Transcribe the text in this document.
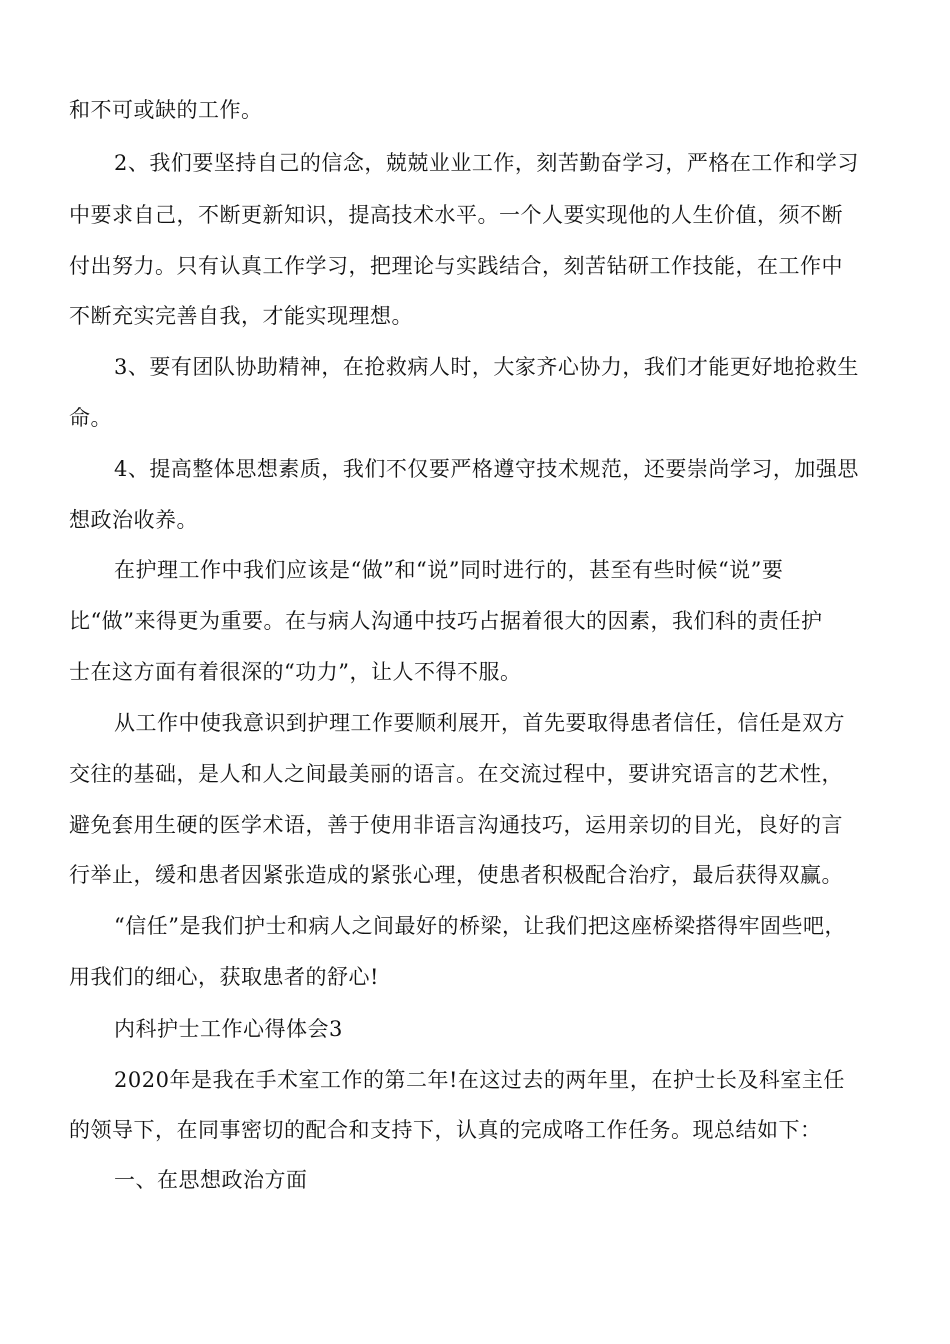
和不可或缺的工作。
2、我们要坚持自己的信念，兢兢业业工作，刻苦勤奋学习，严格在工作和学习
中要求自己，不断更新知识，提高技术水平。一个人要实现他的人生价值，须不断
付出努力。只有认真工作学习，把理论与实践结合，刻苦钻研工作技能，在工作中
不断充实完善自我，才能实现理想。
3、要有团队协助精神，在抢救病人时，大家齐心协力，我们才能更好地抢救生
命。
4、提高整体思想素质，我们不仅要严格遵守技术规范，还要崇尚学习，加强思
想政治收养。
在护理工作中我们应该是“做”和“说”同时进行的，甚至有些时候“说”要
比“做”来得更为重要。在与病人沟通中技巧占据着很大的因素，我们科的责任护
士在这方面有着很深的“功力”，让人不得不服。
从工作中使我意识到护理工作要顺利展开，首先要取得患者信任，信任是双方
交往的基础，是人和人之间最美丽的语言。在交流过程中，要讲究语言的艺术性，
避免套用生硬的医学术语，善于使用非语言沟通技巧，运用亲切的目光，良好的言
行举止，缓和患者因紧张造成的紧张心理，使患者积极配合治疗，最后获得双赢。
“信任”是我们护士和病人之间最好的桥梁，让我们把这座桥梁搭得牢固些吧，
用我们的细心，获取患者的舒心!
内科护士工作心得体会3
2020年是我在手术室工作的第二年!在这过去的两年里，在护士长及科室主任
的领导下，在同事密切的配合和支持下，认真的完成咯工作任务。现总结如下：
一、在思想政治方面
